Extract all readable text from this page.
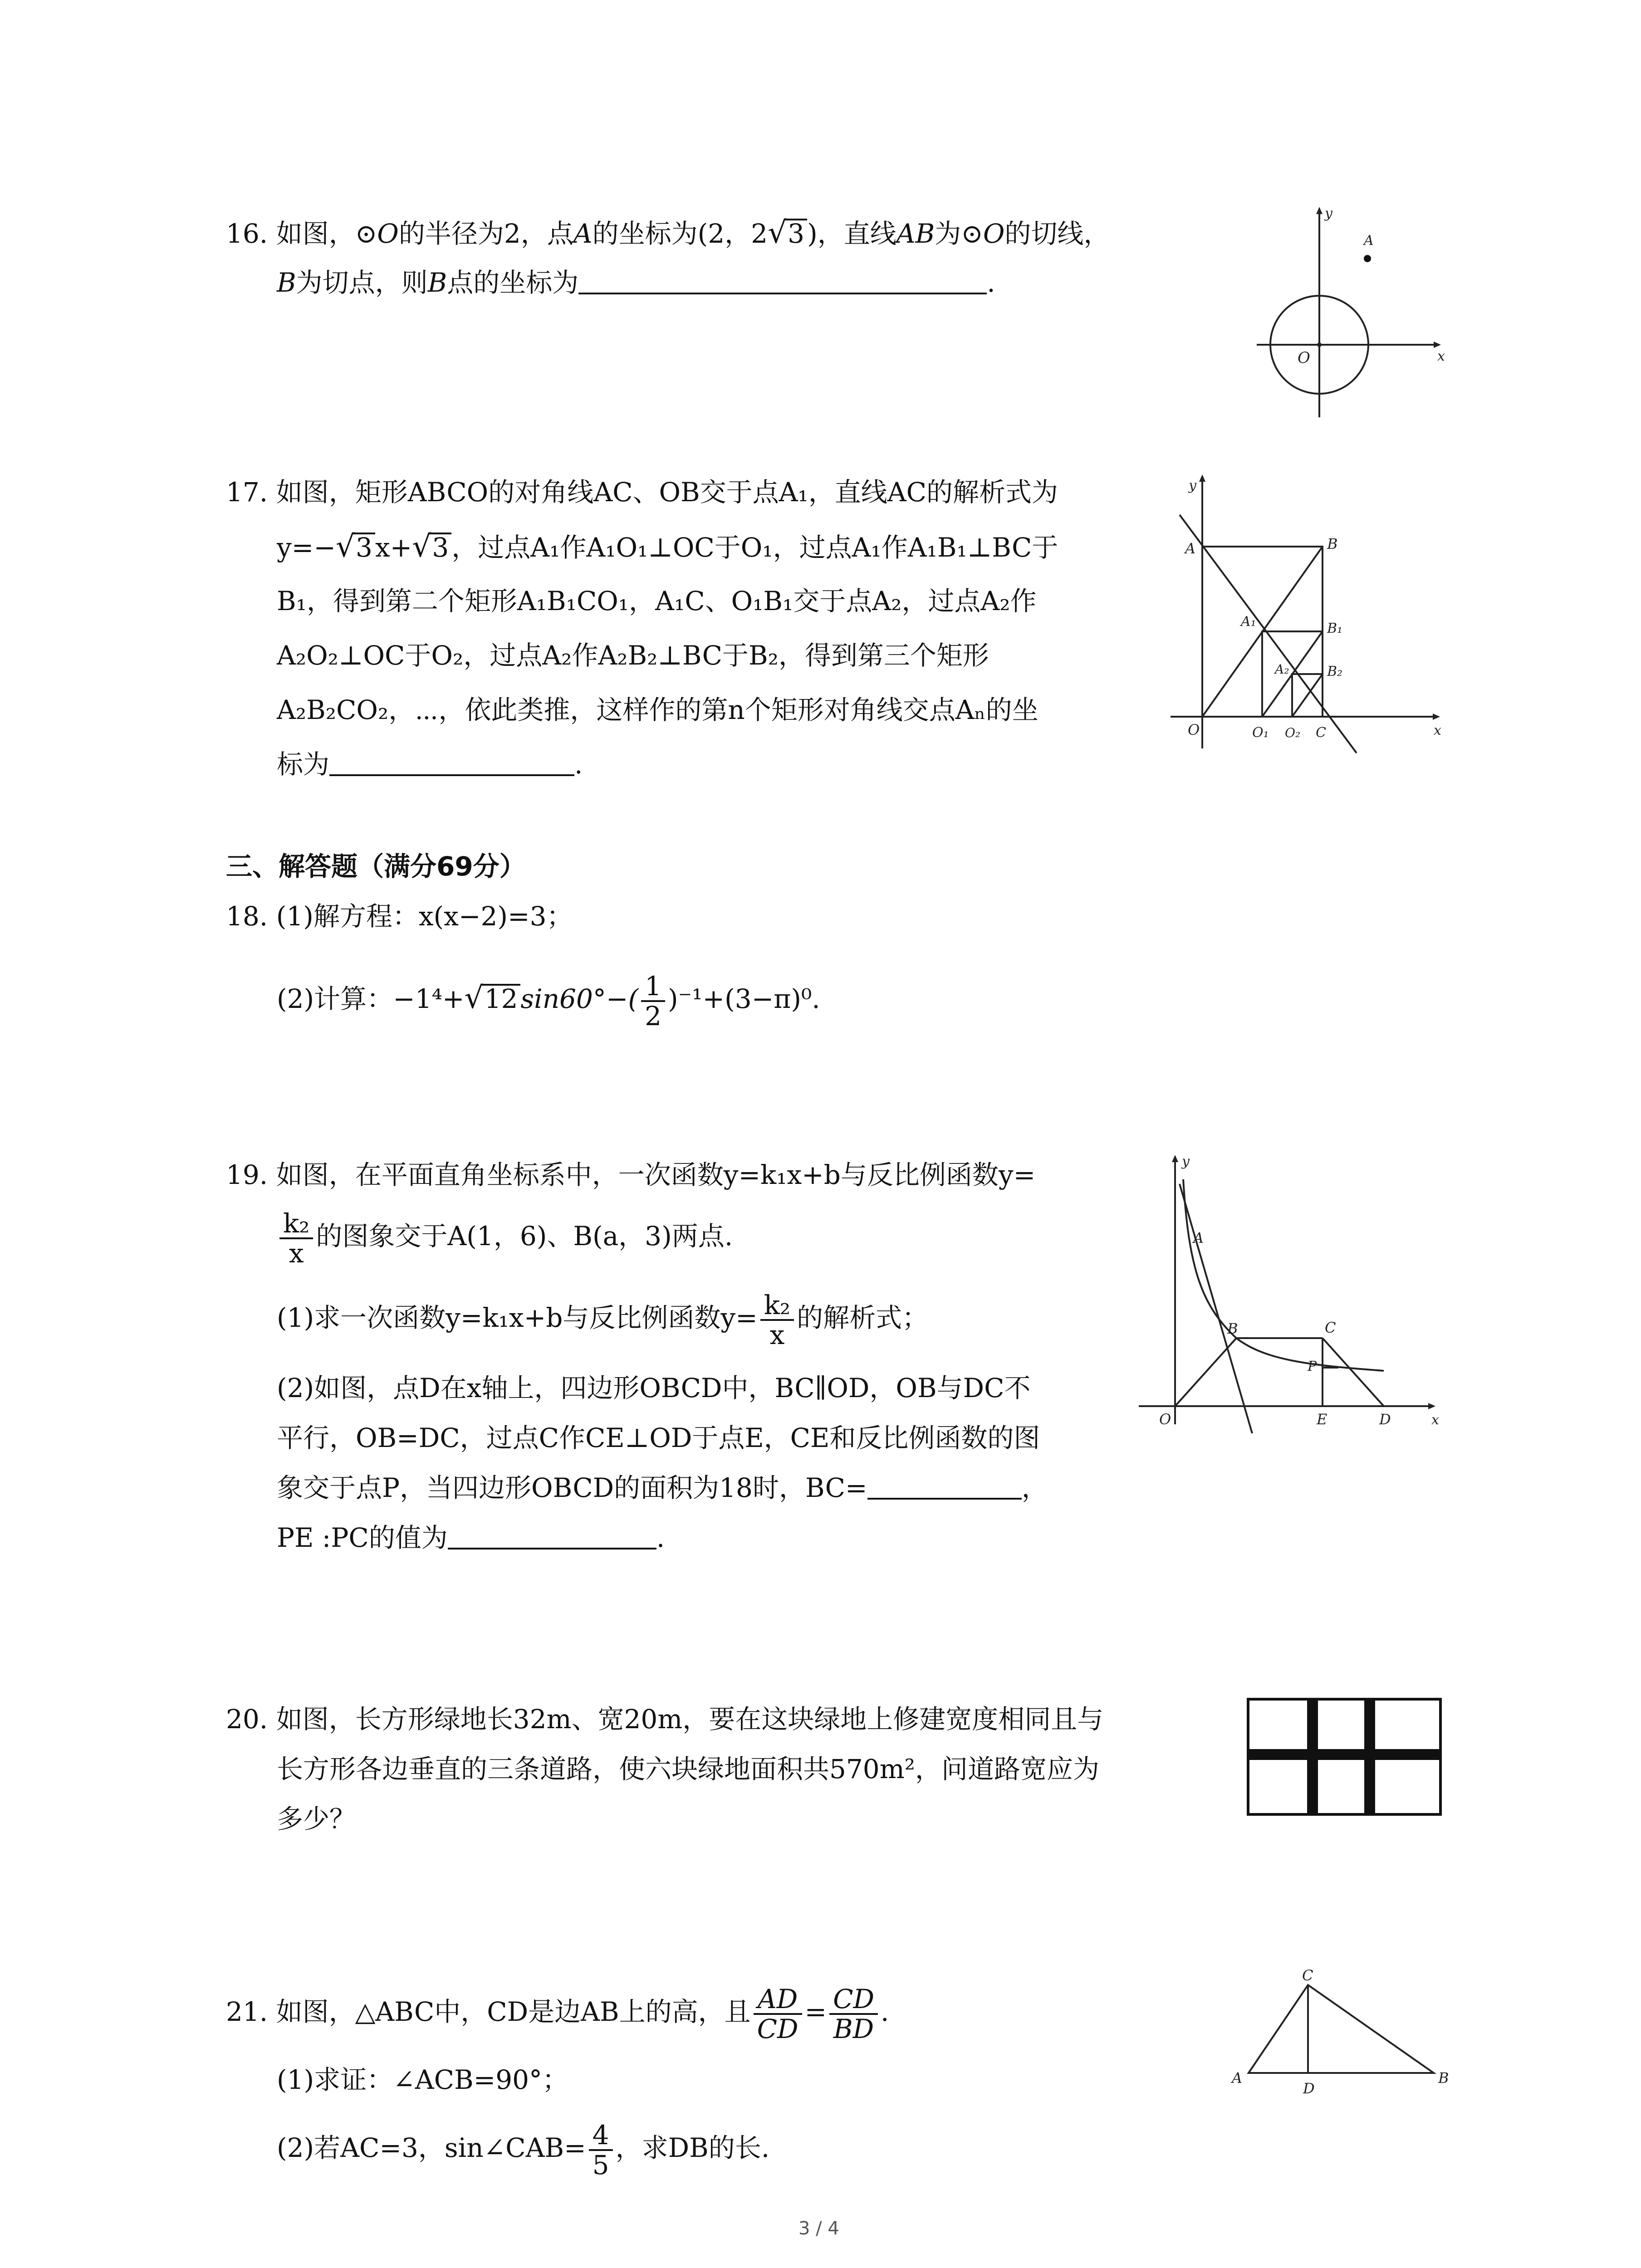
16. 如图，⊙O的半径为2，点A的坐标为(2，2√3 )，直线AB为⊙O的切线，
B为切点，则B点的坐标为	.
y
x
A
O
17. 如图，矩形ABCO的对角线AC、OB交于点A₁，直线AC的解析式为
y=−√3 x+√3 ，过点A₁作A₁O₁⊥OC于O₁，过点A₁作A₁B₁⊥BC于
B₁，得到第二个矩形A₁B₁CO₁，A₁C、O₁B₁交于点A₂，过点A₂作
A₂O₂⊥OC于O₂，过点A₂作A₂B₂⊥BC于B₂，得到第三个矩形
A₂B₂CO₂，⋯，依此类推，这样作的第n个矩形对角线交点Aₙ的坐
标为	.
y
x
A	B
A₁	B₁
A₂	B₂
O	O₁ O₂ C
三、解答题（满分69分）
18. (1)解方程：x(x−2)=3；
(2)计算：−1⁴+√12 $\sin 60^\circ-( \frac{1}{2} )^{-1}+(3-\pi)^0$.
19. 如图，在平面直角坐标系中，一次函数y=k₁x+b与反比例函数y=
$\frac{\text{k₂}}{x}$ 的图象交于A(1，6)、B(a，3)两点.
(1)求一次函数y=k₁x+b与反比例函数$y= \frac{\text{k₂}}{x}$ 的解析式；
(2)如图，点D在x轴上，四边形OBCD中，BC∥OD，OB与DC不
平行，OB=DC，过点C作CE⊥OD于点E，CE和反比例函数的图
象交于点P，当四边形OBCD的面积为18时，BC=	，
PE :PC的值为	.
y
A
B	C
P
O	E	D	x
20. 如图，长方形绿地长32m、宽20m，要在这块绿地上修建宽度相同且与
长方形各边垂直的三条道路，使六块绿地面积共570m²，问道路宽应为
多少？
21. 如图，△ABC中，CD是边AB上的高，且 $\frac{AD}{CD} = \frac{CD}{BD}$ .
(1)求证：∠ACB=90°；
(2)若AC=3，sin∠CAB= $\frac{4}{5}$ ，求DB的长.
C
A
D
B
3 / 4
